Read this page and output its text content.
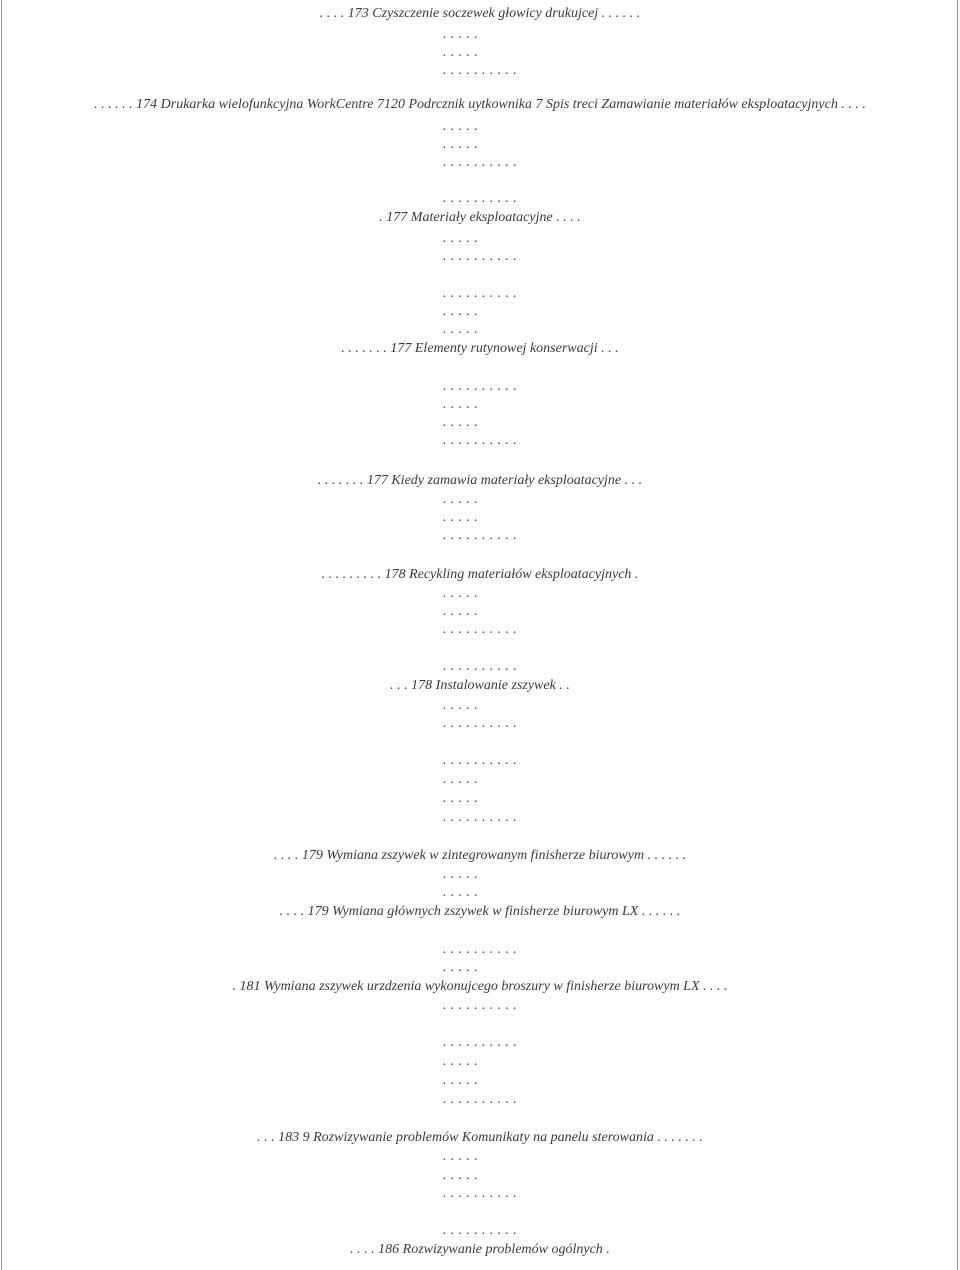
. . . . 173 Czyszczenie soczewek głowicy drukujcej . . . . . .
. . . . .
. . . . .
. . . . . . . . . .
. . . . . . 174 Drukarka wielofunkcyjna WorkCentre 7120 Podrcznik uytkownika 7 Spis treci Zamawianie materiałów eksploatacyjnych . . . .
. . . . .
. . . . .
. . . . . . . . . .
. . . . . . . . . .
. 177 Materiały eksploatacyjne . . . .
. . . . .
. . . . . . . . . .
. . . . . . . . . .
. . . . .
. . . . .
. . . . . . . 177 Elementy rutynowej konserwacji . . .
. . . . . . . . . .
. . . . .
. . . . .
. . . . . . . . . .
. . . . . . . 177 Kiedy zamawia materiały eksploatacyjne . . .
. . . . .
. . . . .
. . . . . . . . . .
. . . . . . . . . 178 Recykling materiałów eksploatacyjnych .
. . . . .
. . . . .
. . . . . . . . . .
. . . . . . . . . .
. . . 178 Instalowanie zszywek . .
. . . . .
. . . . . . . . . .
. . . . . . . . . .
. . . . .
. . . . .
. . . . . . . . . .
. . . . 179 Wymiana zszywek w zintegrowanym finisherze biurowym . . . . . .
. . . . .
. . . . .
. . . . 179 Wymiana głównych zszywek w finisherze biurowym LX . . . . . .
. . . . . . . . . .
. . . . .
. 181 Wymiana zszywek urzdzenia wykonujcego broszury w finisherze biurowym LX . . . .
. . . . . . . . . .
. . . . . . . . . .
. . . . .
. . . . .
. . . . . . . . . .
. . . 183 9 Rozwizywanie problemów Komunikaty na panelu sterowania . . . . . . .
. . . . .
. . . . .
. . . . . . . . . .
. . . . . . . . . .
. . . . 186 Rozwizywanie problemów ogólnych .
